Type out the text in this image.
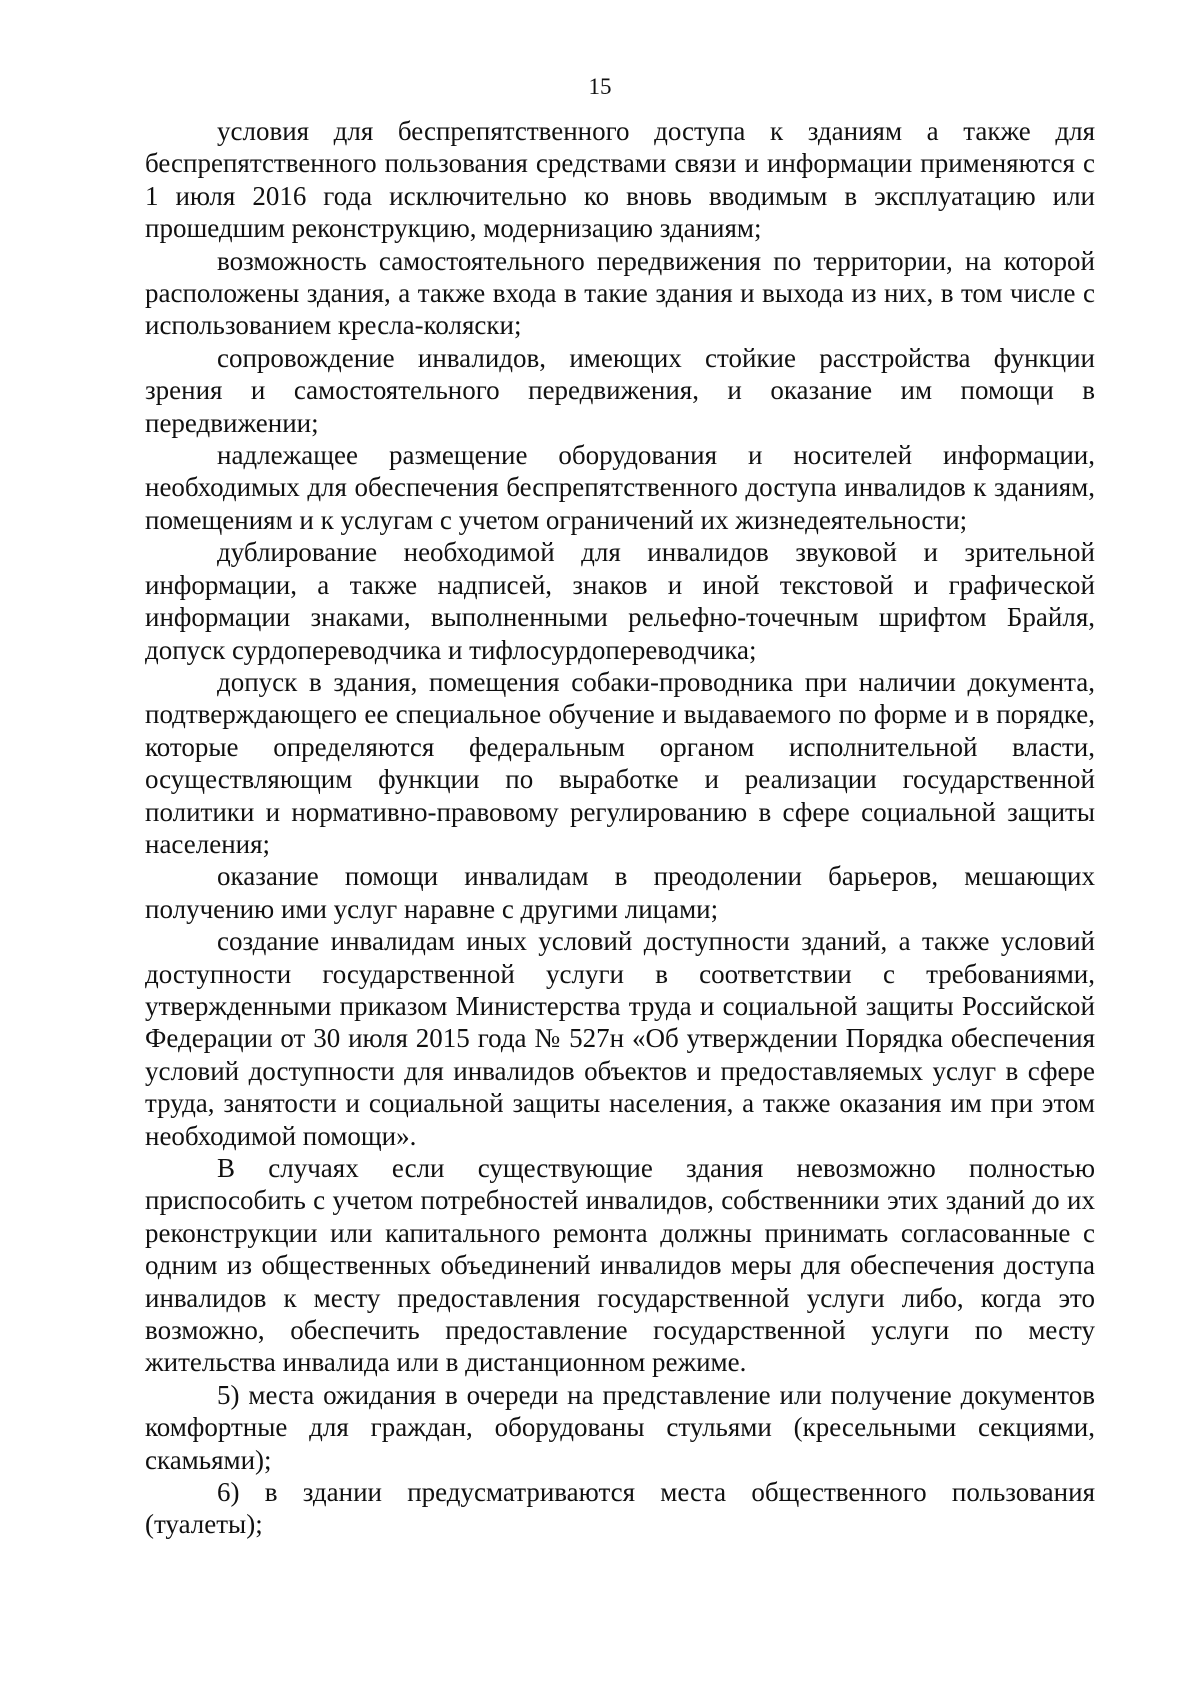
15

условия для беспрепятственного доступа к зданиям а также для беспрепятственного пользования средствами связи и информации применяются с 1 июля 2016 года исключительно ко вновь вводимым в эксплуатацию или прошедшим реконструкцию, модернизацию зданиям;

возможность самостоятельного передвижения по территории, на которой расположены здания, а также входа в такие здания и выхода из них, в том числе с использованием кресла-коляски;

сопровождение инвалидов, имеющих стойкие расстройства функции зрения и самостоятельного передвижения, и оказание им помощи в передвижении;

надлежащее размещение оборудования и носителей информации, необходимых для обеспечения беспрепятственного доступа инвалидов к зданиям, помещениям и к услугам с учетом ограничений их жизнедеятельности;

дублирование необходимой для инвалидов звуковой и зрительной информации, а также надписей, знаков и иной текстовой и графической информации знаками, выполненными рельефно-точечным шрифтом Брайля, допуск сурдопереводчика и тифлосурдопереводчика;

допуск в здания, помещения собаки-проводника при наличии документа, подтверждающего ее специальное обучение и выдаваемого по форме и в порядке, которые определяются федеральным органом исполнительной власти, осуществляющим функции по выработке и реализации государственной политики и нормативно-правовому регулированию в сфере социальной защиты населения;

оказание помощи инвалидам в преодолении барьеров, мешающих получению ими услуг наравне с другими лицами;

создание инвалидам иных условий доступности зданий, а также условий доступности государственной услуги в соответствии с требованиями, утвержденными приказом Министерства труда и социальной защиты Российской Федерации от 30 июля 2015 года № 527н «Об утверждении Порядка обеспечения условий доступности для инвалидов объектов и предоставляемых услуг в сфере труда, занятости и социальной защиты населения, а также оказания им при этом необходимой помощи».

В случаях если существующие здания невозможно полностью приспособить с учетом потребностей инвалидов, собственники этих зданий до их реконструкции или капитального ремонта должны принимать согласованные с одним из общественных объединений инвалидов меры для обеспечения доступа инвалидов к месту предоставления государственной услуги либо, когда это возможно, обеспечить предоставление государственной услуги по месту жительства инвалида или в дистанционном режиме.

5) места ожидания в очереди на представление или получение документов комфортные для граждан, оборудованы стульями (кресельными секциями, скамьями);

6) в здании предусматриваются места общественного пользования (туалеты);
